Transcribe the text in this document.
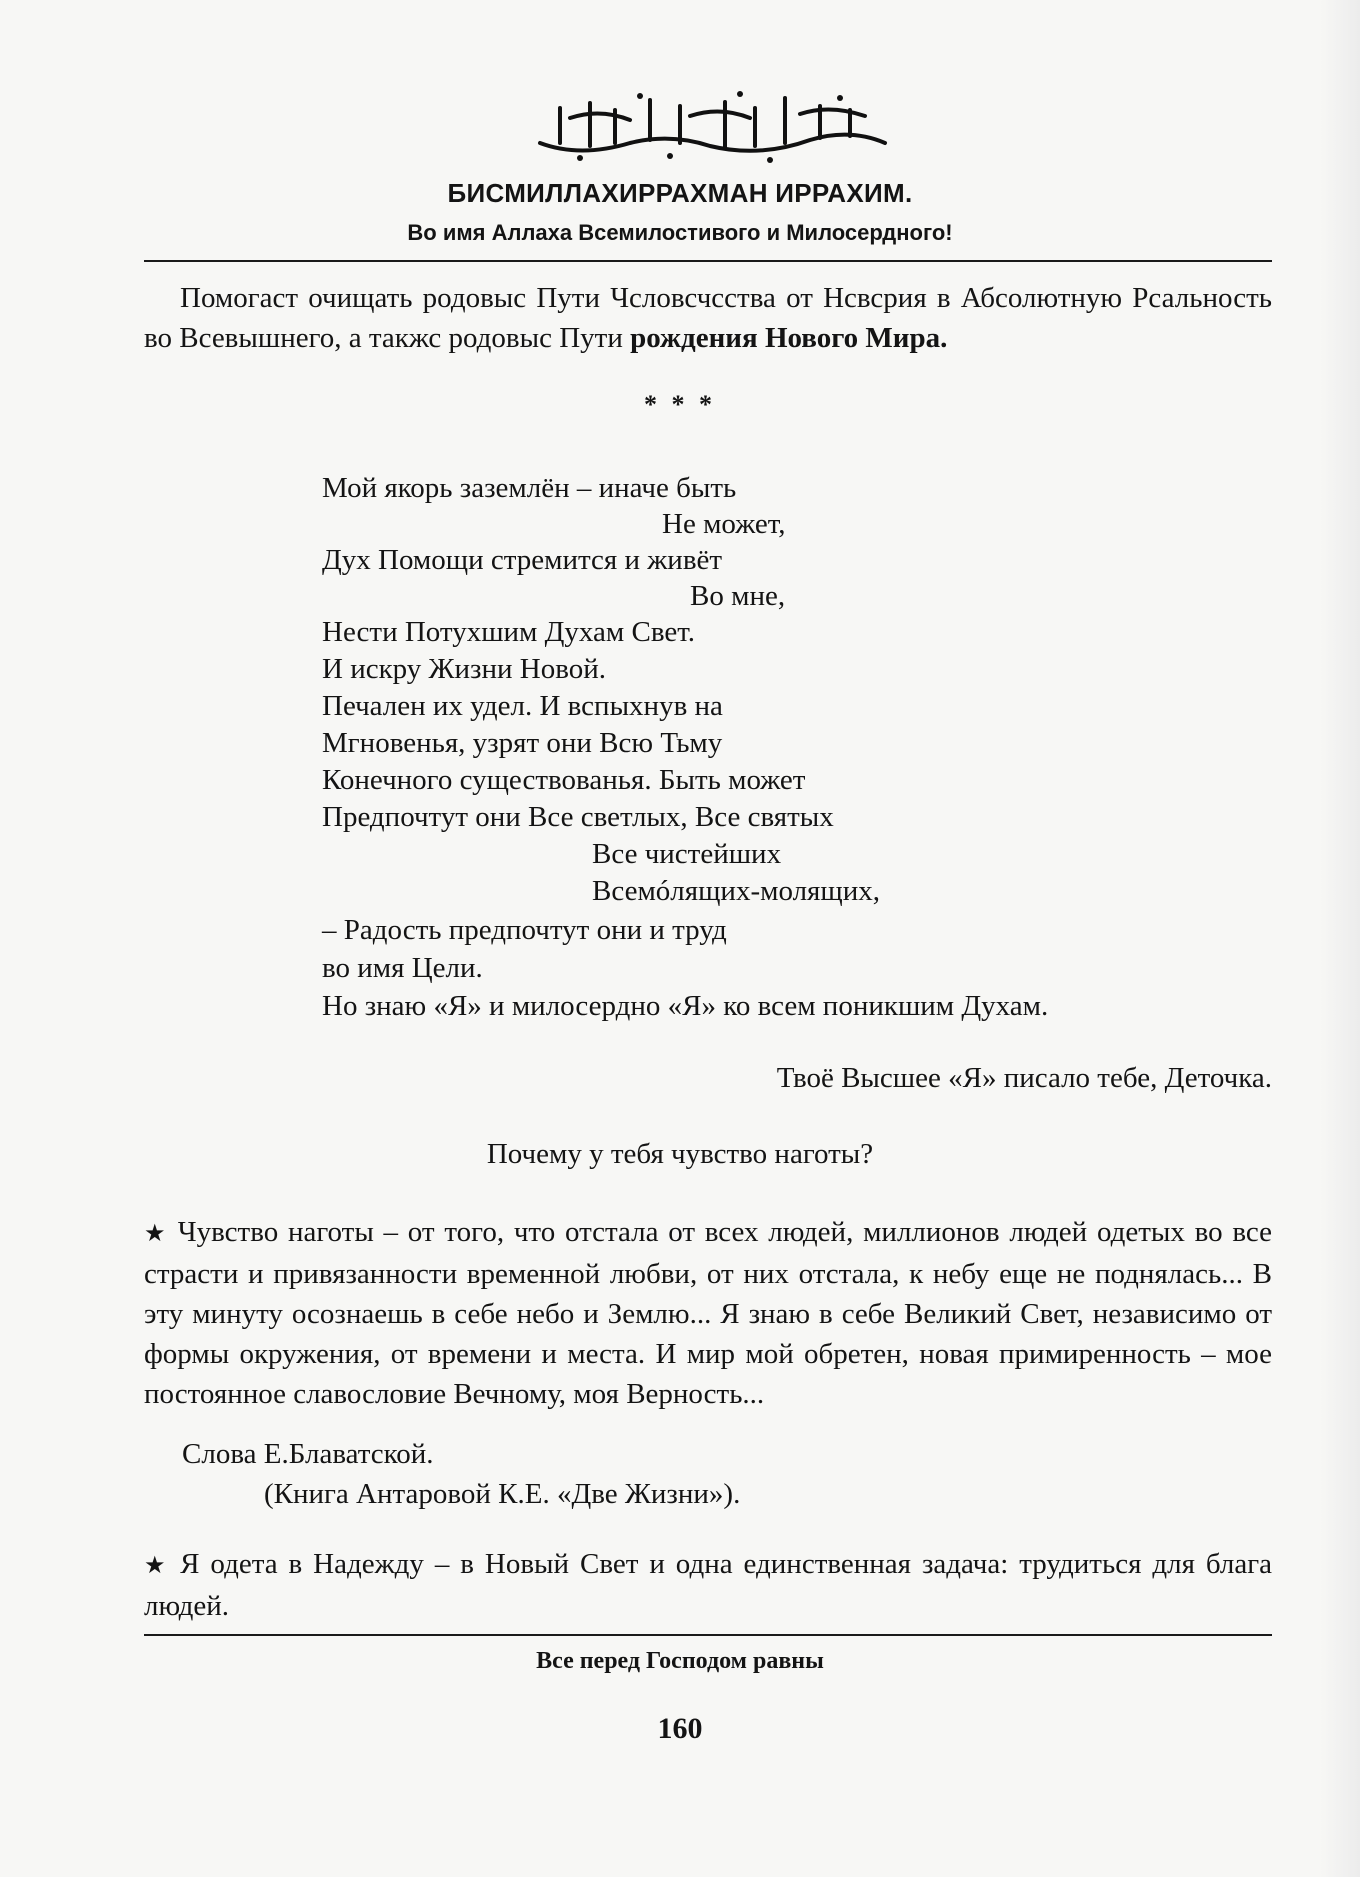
БИСМИЛЛАХИРРАХМАН ИРРАХИМ.
Во имя Аллаха Всемилостивого и Милосердного!
Помогаст очищать родовыс Пути Чсловсчсства от Нсвсрия в Абсолютную Рсальность во Всевышнего, а такжс родовыс Пути рождения Нового Мира.
* * *
Мой якорь заземлён – иначе быть
Не может,
Дух Помощи стремится и живёт
Во мне,
Нести Потухшим Духам Свет.
И искру Жизни Новой.
Печален их удел. И вспыхнув на
Мгновенья, узрят они Всю Тьму
Конечного существованья. Быть может
Предпочтут они Все светлых, Все святых
Все чистейших
Всемóлящих-молящих,
– Радость предпочтут они и труд
во имя Цели.
Но знаю «Я» и милосердно «Я» ко всем поникшим Духам.
Твоё Высшее «Я» писало тебе, Деточка.
Почему у тебя чувство наготы?
★ Чувство наготы – от того, что отстала от всех людей, миллионов людей одетых во все страсти и привязанности временной любви, от них отстала, к небу еще не поднялась... В эту минуту осознаешь в себе небо и Землю... Я знаю в себе Великий Свет, независимо от формы окружения, от времени и места. И мир мой обретен, новая примиренность – мое постоянное славословие Вечному, моя Верность...
Слова Е.Блаватской.
(Книга Антаровой К.Е. «Две Жизни»).
★ Я одета в Надежду – в Новый Свет и одна единственная задача: трудиться для блага людей.
Все перед Господом равны
160
